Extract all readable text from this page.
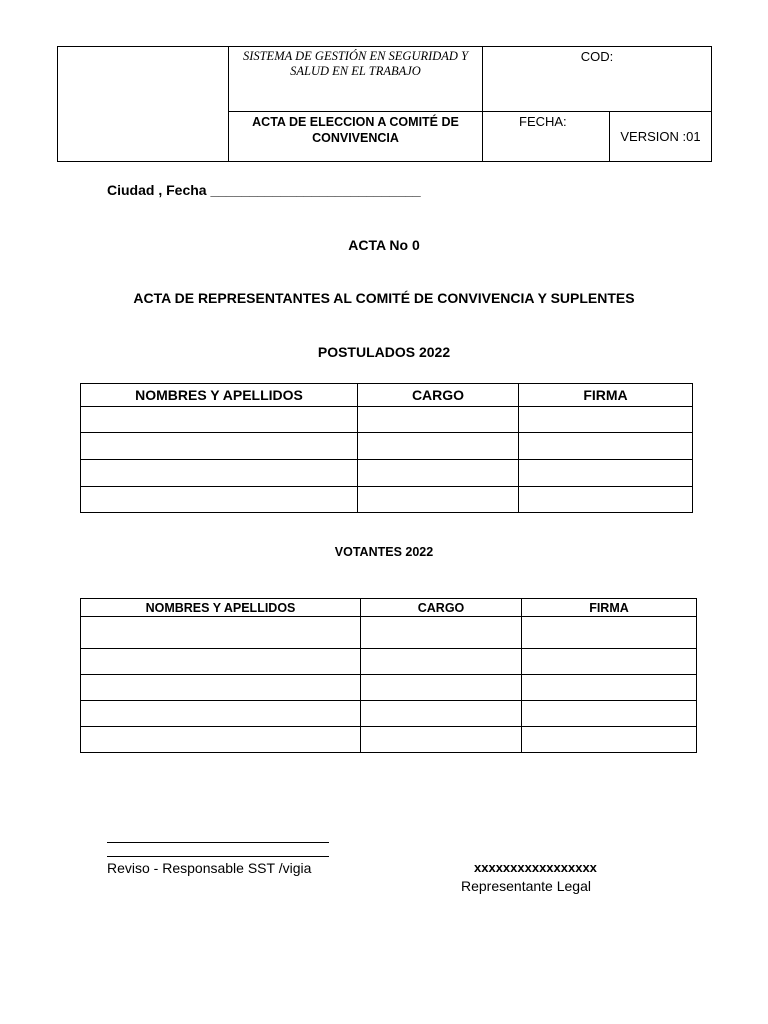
	SISTEMA DE GESTIÓN EN SEGURIDAD Y SALUD EN EL TRABAJO	COD:	

	ACTA DE ELECCION A COMITÉ DE CONVIVENCIA	FECHA:	VERSION :01
Ciudad , Fecha ___________________________
ACTA No 0
ACTA DE REPRESENTANTES AL COMITÉ DE CONVIVENCIA Y SUPLENTES
POSTULADOS 2022
NOMBRES Y APELLIDOS	CARGO	FIRMA

VOTANTES 2022
NOMBRES Y APELLIDOS	CARGO	FIRMA

Reviso - Responsable SST /vigia	xxxxxxxxxxxxxxxxx
Representante Legal
